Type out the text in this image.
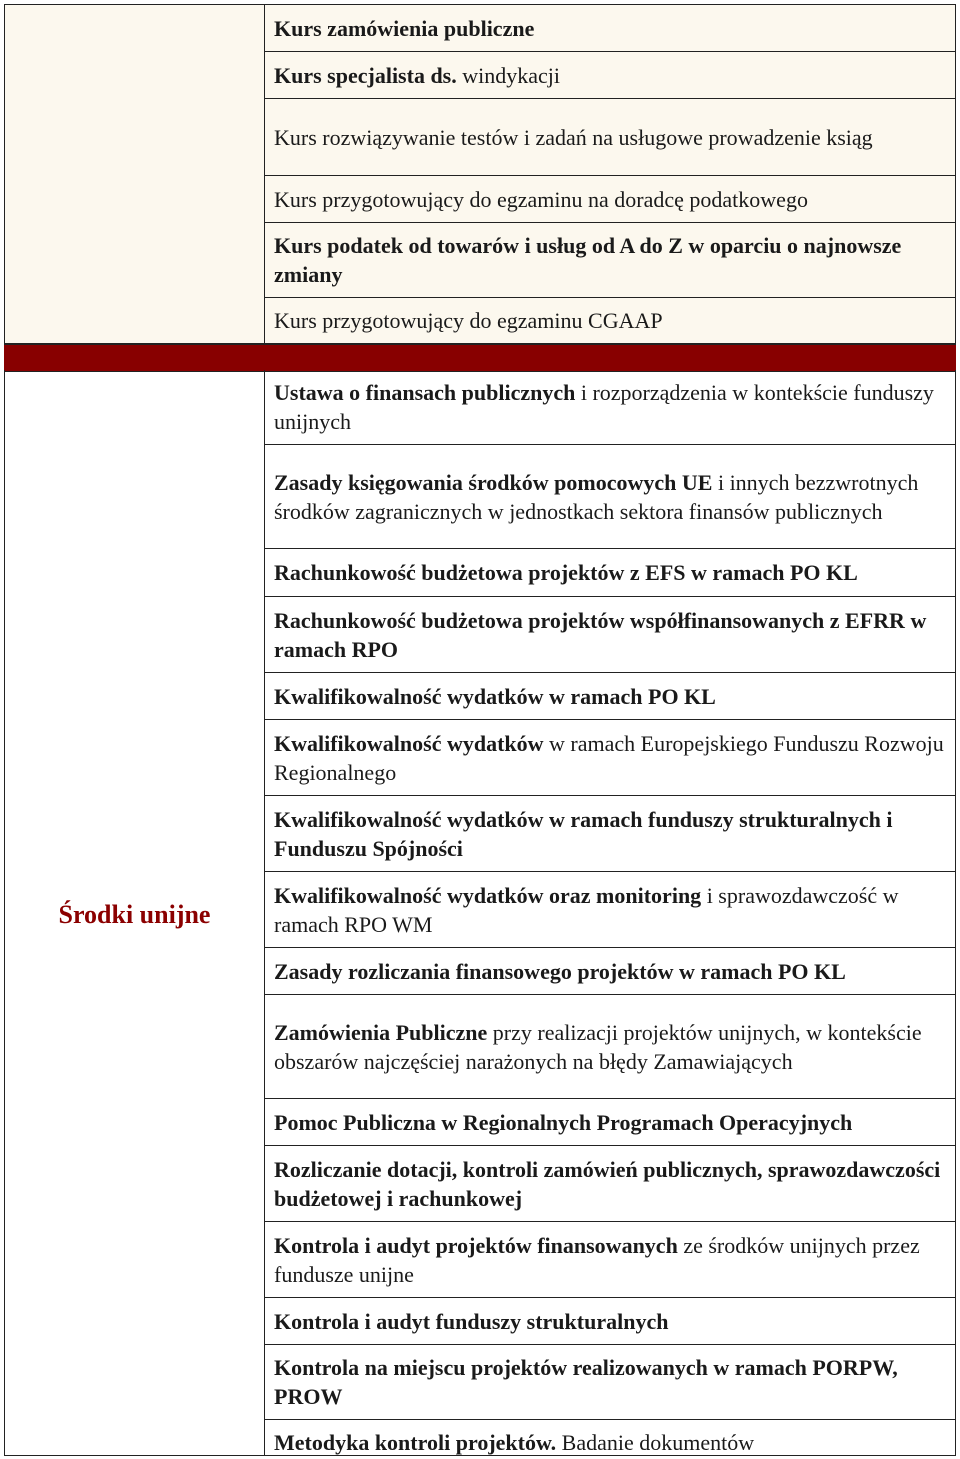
Kurs zamówienia publiczne
Kurs specjalista ds. windykacji
Kurs rozwiązywanie testów i zadań na usługowe prowadzenie ksiąg
Kurs przygotowujący do egzaminu na doradcę podatkowego
Kurs podatek od towarów i usług od A do Z w oparciu o najnowsze zmiany
Kurs przygotowujący do egzaminu CGAAP
Środki unijne
Ustawa o finansach publicznych i rozporządzenia w kontekście funduszy unijnych
Zasady księgowania środków pomocowych UE i innych bezzwrotnych środków zagranicznych w jednostkach sektora finansów publicznych
Rachunkowość budżetowa projektów z EFS w ramach PO KL
Rachunkowość budżetowa projektów współfinansowanych z EFRR w ramach RPO
Kwalifikowalność wydatków w ramach PO KL
Kwalifikowalność wydatków w ramach Europejskiego Funduszu Rozwoju Regionalnego
Kwalifikowalność wydatków w ramach funduszy strukturalnych i Funduszu Spójności
Kwalifikowalność wydatków oraz monitoring i sprawozdawczość w ramach RPO WM
Zasady rozliczania finansowego projektów w ramach PO KL
Zamówienia Publiczne przy realizacji projektów unijnych, w kontekście obszarów najczęściej narażonych na błędy Zamawiających
Pomoc Publiczna w Regionalnych Programach Operacyjnych
Rozliczanie dotacji, kontroli zamówień publicznych, sprawozdawczości budżetowej i rachunkowej
Kontrola i audyt projektów finansowanych ze środków unijnych przez fundusze unijne
Kontrola i audyt funduszy strukturalnych
Kontrola na miejscu projektów realizowanych w ramach PORPW, PROW
Metodyka kontroli projektów. Badanie dokumentów
